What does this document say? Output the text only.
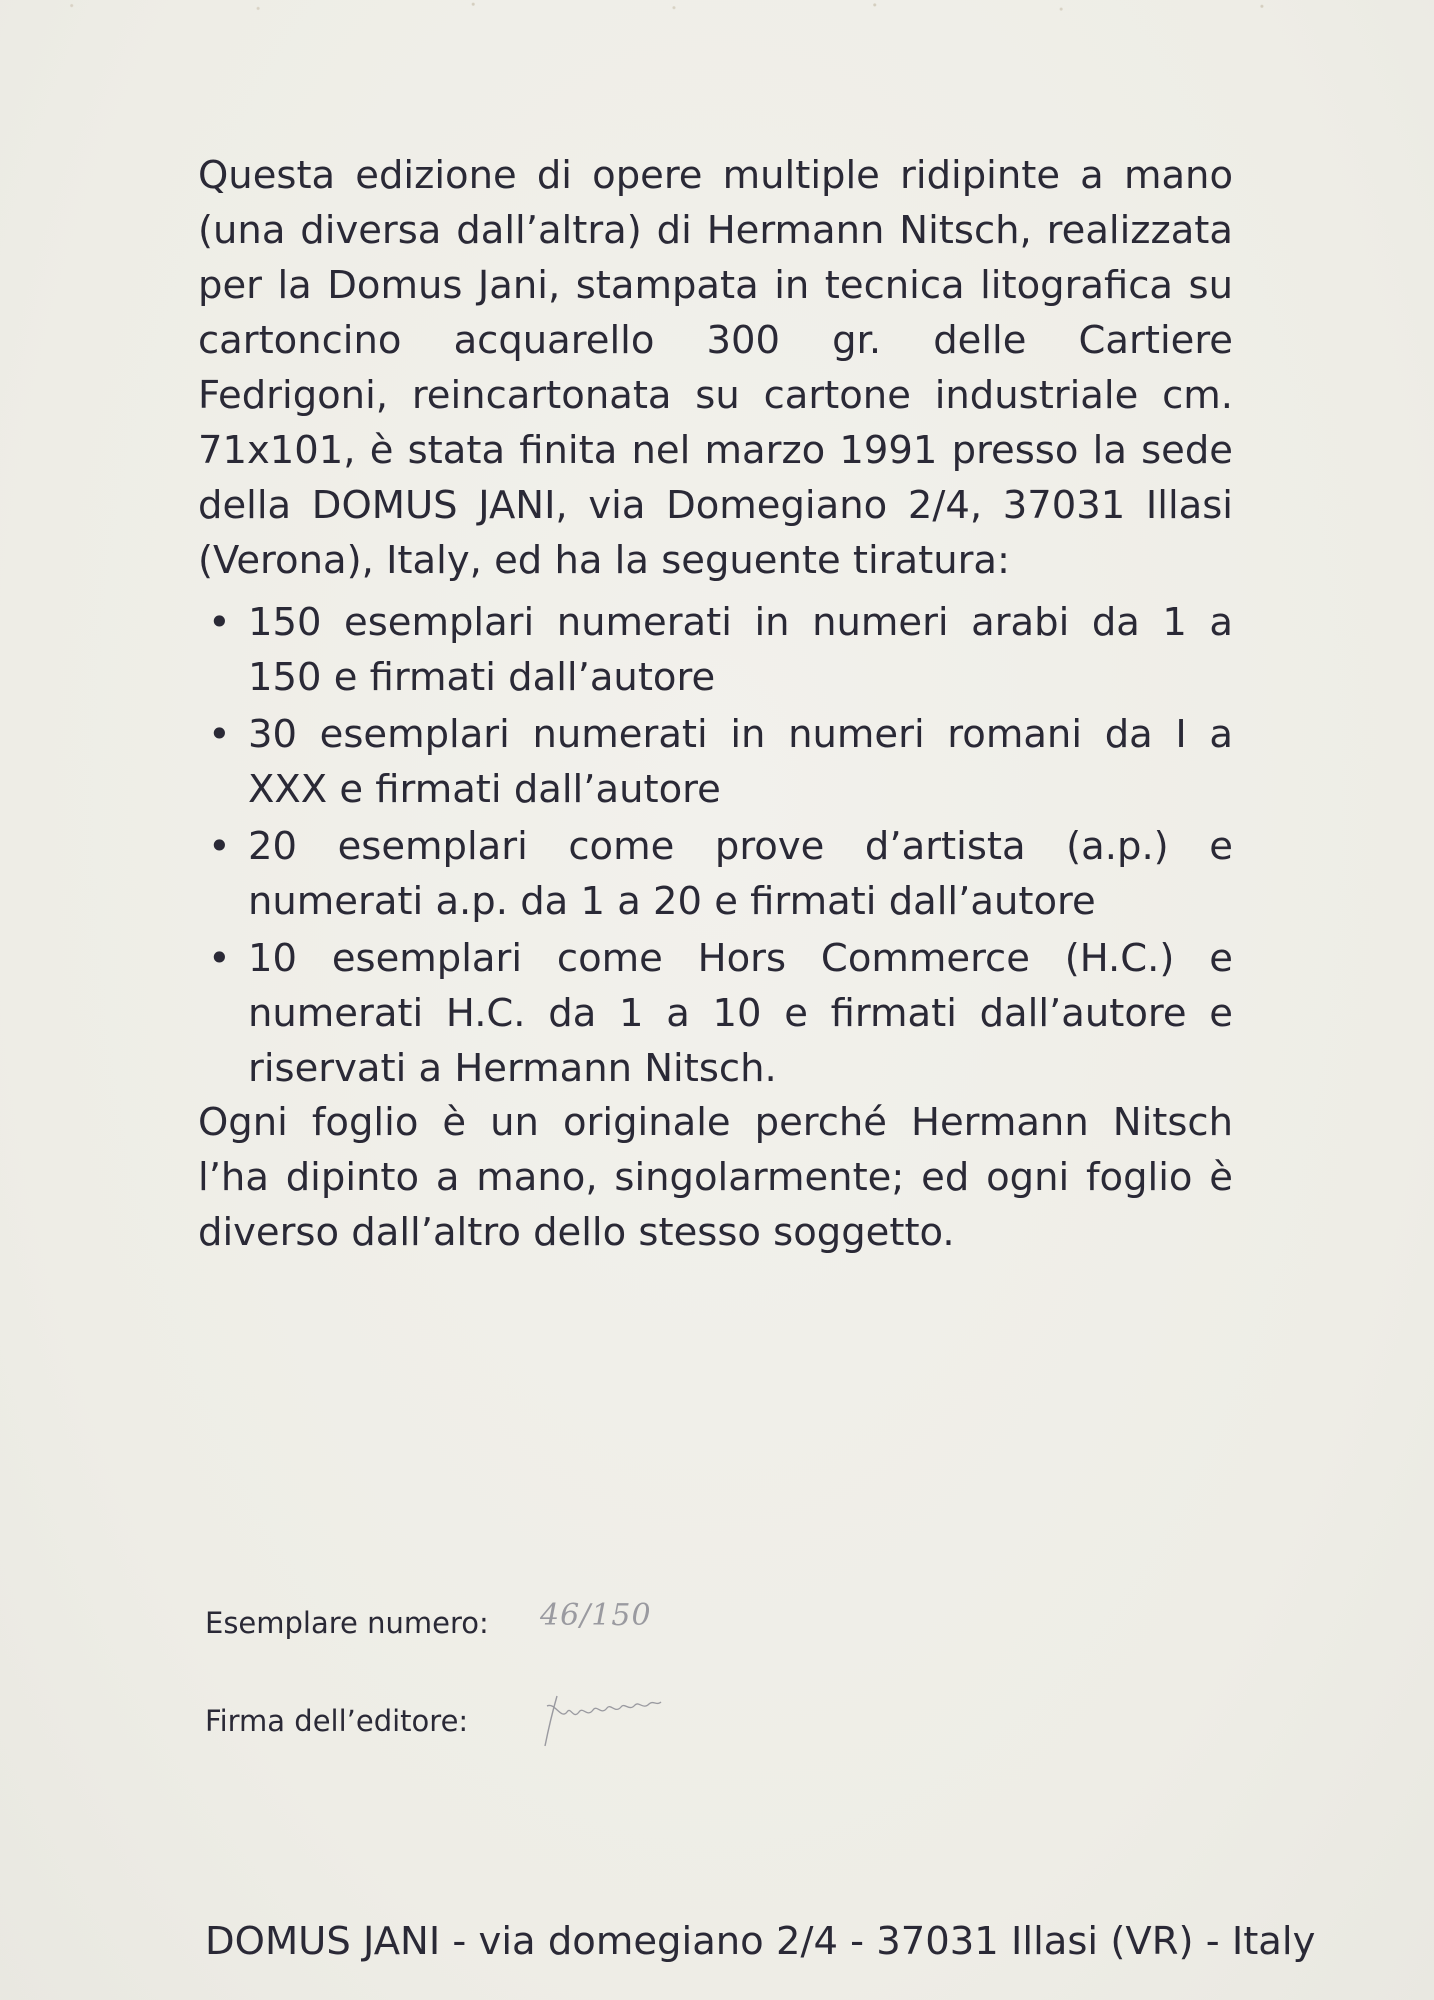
Questa edizione di opere multiple ridipinte a mano (una diversa dall’altra) di Hermann Nitsch, realizzata per la Domus Jani, stampata in tecnica litografica su cartoncino acquarello 300 gr. delle Cartiere Fedrigoni, reincartonata su cartone industriale cm. 71x101, è stata finita nel marzo 1991 presso la sede della DOMUS JANI, via Domegiano 2/4, 37031 Illasi (Verona), Italy, ed ha la seguente tiratura:

• 150 esemplari numerati in numeri arabi da 1 a 150 e firmati dall’autore
• 30 esemplari numerati in numeri romani da I a XXX e firmati dall’autore
• 20 esemplari come prove d’artista (a.p.) e numerati a.p. da 1 a 20 e firmati dall’autore
• 10 esemplari come Hors Commerce (H.C.) e numerati H.C. da 1 a 10 e firmati dall’autore e riservati a Hermann Nitsch.

Ogni foglio è un originale perché Hermann Nitsch l’ha dipinto a mano, singolarmente; ed ogni foglio è diverso dall’altro dello stesso soggetto.

Esemplare numero: 46/150
Firma dell’editore:
DOMUS JANI - via domegiano 2/4 - 37031 Illasi (VR) - Italy
